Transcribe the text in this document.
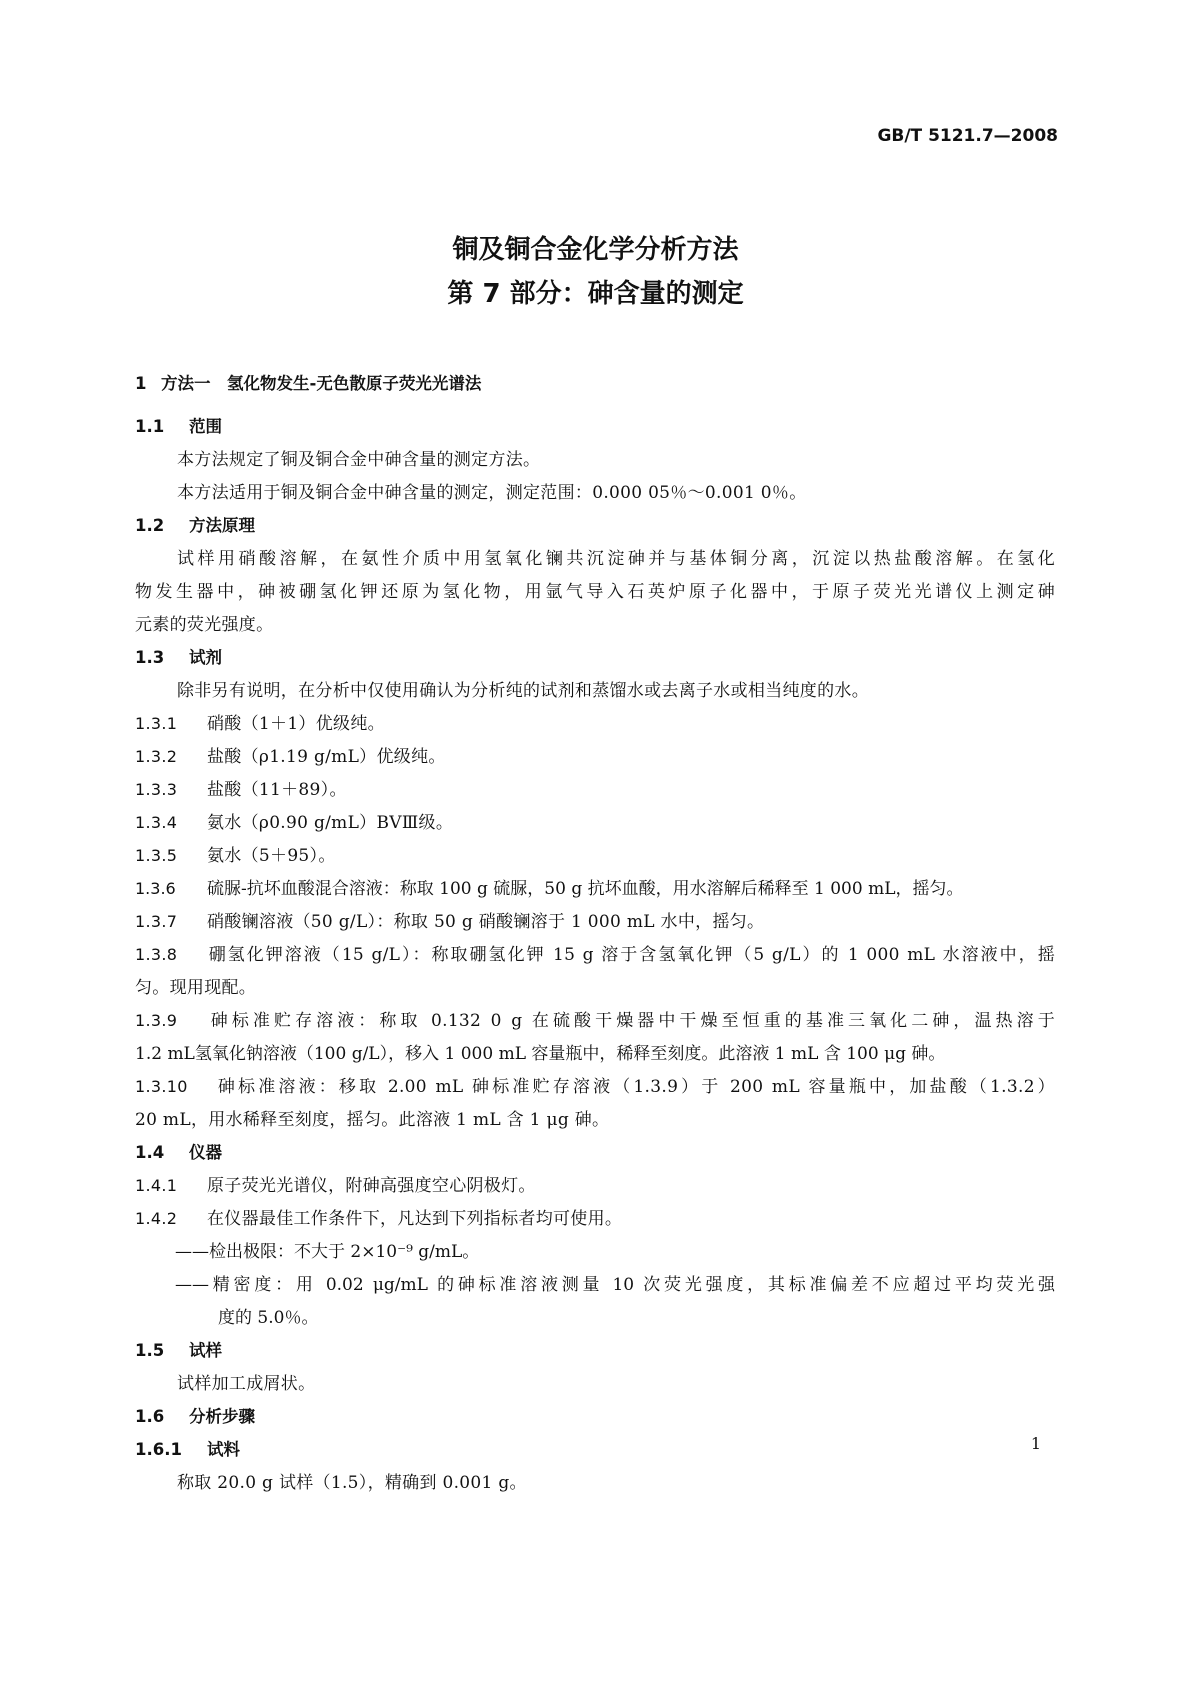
GB/T 5121.7—2008
铜及铜合金化学分析方法
第 7 部分：砷含量的测定
1 方法一　氢化物发生-无色散原子荧光光谱法
1.1 范围
本方法规定了铜及铜合金中砷含量的测定方法。
本方法适用于铜及铜合金中砷含量的测定，测定范围：0.000 05％～0.001 0％。
1.2 方法原理
试样用硝酸溶解，在氨性介质中用氢氧化镧共沉淀砷并与基体铜分离，沉淀以热盐酸溶解。在氢化
物发生器中，砷被硼氢化钾还原为氢化物，用氩气导入石英炉原子化器中，于原子荧光光谱仪上测定砷
元素的荧光强度。
1.3 试剂
除非另有说明，在分析中仅使用确认为分析纯的试剂和蒸馏水或去离子水或相当纯度的水。
1.3.1 硝酸（1＋1）优级纯。
1.3.2 盐酸（ρ1.19 g/mL）优级纯。
1.3.3 盐酸（11＋89）。
1.3.4 氨水（ρ0.90 g/mL）BVⅢ级。
1.3.5 氨水（5＋95）。
1.3.6 硫脲-抗坏血酸混合溶液：称取 100 g 硫脲，50 g 抗坏血酸，用水溶解后稀释至 1 000 mL，摇匀。
1.3.7 硝酸镧溶液（50 g/L）：称取 50 g 硝酸镧溶于 1 000 mL 水中，摇匀。
1.3.8 硼氢化钾溶液（15 g/L）：称取硼氢化钾 15 g 溶于含氢氧化钾（5 g/L）的 1 000 mL 水溶液中，摇
匀。现用现配。
1.3.9 砷标准贮存溶液：称取 0.132 0 g 在硫酸干燥器中干燥至恒重的基准三氧化二砷，温热溶于
1.2 mL氢氧化钠溶液（100 g/L），移入 1 000 mL 容量瓶中，稀释至刻度。此溶液 1 mL 含 100 μg 砷。
1.3.10 砷标准溶液：移取 2.00 mL 砷标准贮存溶液（1.3.9）于 200 mL 容量瓶中，加盐酸（1.3.2）
20 mL，用水稀释至刻度，摇匀。此溶液 1 mL 含 1 μg 砷。
1.4 仪器
1.4.1 原子荧光光谱仪，附砷高强度空心阴极灯。
1.4.2 在仪器最佳工作条件下，凡达到下列指标者均可使用。
——检出极限：不大于 2×10⁻⁹ g/mL。
——精密度：用 0.02 μg/mL 的砷标准溶液测量 10 次荧光强度，其标准偏差不应超过平均荧光强
度的 5.0％。
1.5 试样
试样加工成屑状。
1.6 分析步骤
1.6.1 试料
称取 20.0 g 试样（1.5），精确到 0.001 g。
1
